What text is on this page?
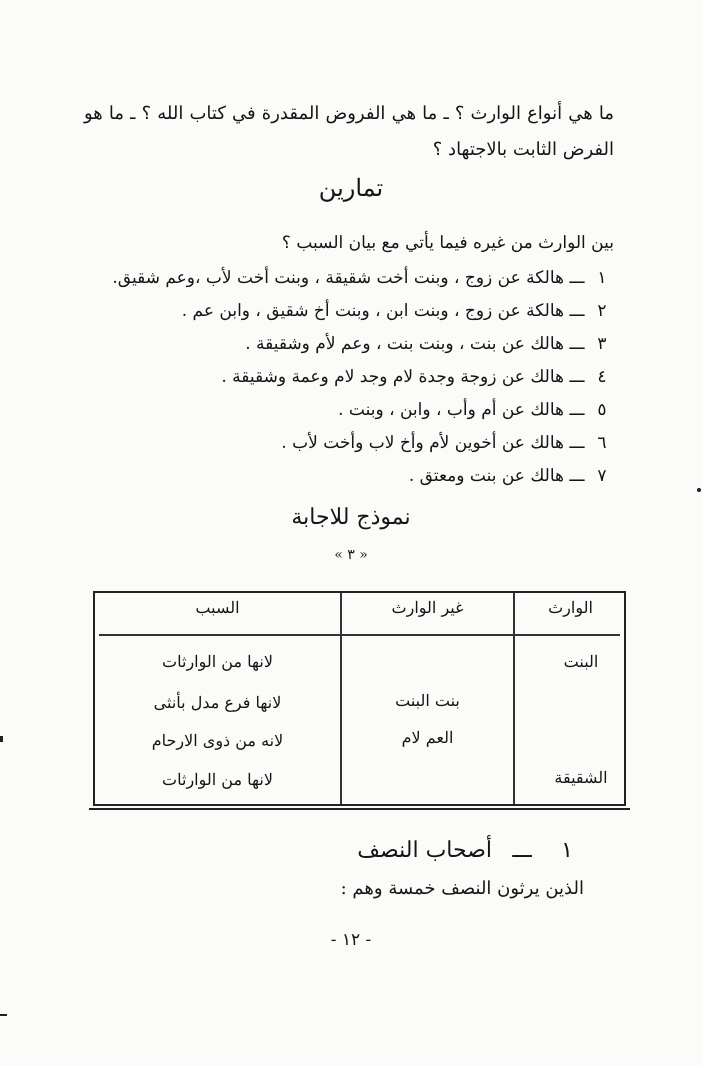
ما هي أنواع الوارث ؟ ـ ما هي الفروض المقدرة في كتاب الله ؟ ـ ما هو الفرض الثابت بالاجتهاد ؟
تمارين
بين الوارث من غيره فيما يأتي مع بيان السبب ؟
١
ـــ
هالكة عن زوج ، وبنت أخت شقيقة ، وبنت أخت لأب ،وعم شقيق.
٢
ـــ
هالكة عن زوج ، وبنت ابن ، وبنت أخ شقيق ، وابن عم .
٣
ـــ
هالك عن بنت ، وبنت بنت ، وعم لأم وشقيقة .
٤
ـــ
هالك عن زوجة وجدة لام وجد لام وعمة وشقيقة .
٥
ـــ
هالك عن أم وأب ، وابن ، وبنت .
٦
ـــ
هالك عن أخوين لأم وأخ لاب وأخت لأب .
٧
ـــ
هالك عن بنت ومعتق .
نموذج للاجابة
« ٣ »
السبب	غير الوارث	الوارث
البنت
الشقيقة
بنت البنت
العم لام
لانها من الوارثات
لانها فرع مدل بأنثى
لانه من ذوى الارحام
لانها من الوارثات
١
ـــ
أصحاب النصف
الذين يرثون النصف خمسة وهم :
- ١٢ -
